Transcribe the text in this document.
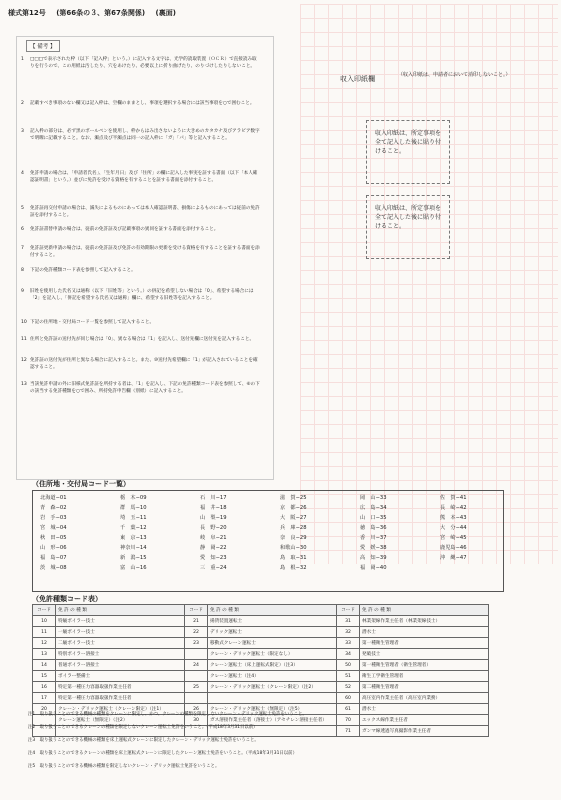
様式第12号 (第66条の３、第67条関係) (裏面)
【 備考 】
1 □□□で表示された枠（以下「記入枠」という。）に記入する文字は、光学的読取装置（ＯＣＲ）で直接読み取りを行うので、この用紙は汚したり、穴をあけたり、必要以上に折り曲げたり、のりづけしたりしないこと。
2 記載すべき事項のない欄又は記入枠は、空欄のままとし、事項を選択する場合には該当事項を○で囲むこと。
3 記入枠の部分は、必ず黒のボールペンを使用し、枠からはみ出さないように大きめのカタカナ及びアラビア数字で明瞭に記載すること。なお、濁点及び半濁点は同一の記入枠に「ガ」「パ」等と記入すること。
4 免許申請の場合は、「申請者氏名」、「生年月日」及び「住所」の欄に記入した事実を証する書面（以下「本人確認証明書」という。）並びに免許を受ける資格を有することを証する書面を添付すること。
5 免許証再交付申請の場合は、滅失によるものにあっては本人確認証明書、損傷によるものにあっては従前の免許証を添付すること。
6 免許証書替申請の場合は、従前の免許証及び記載事項の異同を証する書面を添付すること。
7 免許証更新申請の場合は、従前の免許証及び免許の有効期限の更新を受ける資格を有することを証する書面を添付すること。
8 下記の免許種類コード表を参照して記入すること。
9 旧姓を使用した氏名又は通称（以下「旧姓等」という。）の併記を希望しない場合は「0」、希望する場合には「2」を記入し、「併記を希望する氏名又は通称」欄に、希望する旧姓等を記入すること。
10 下記の住所地・交付局コード一覧を参照して記入すること。
11 住所と免許証の送付先が同じ場合は「0」、異なる場合は「1」を記入し、送付先欄に送付先を記入すること。
12 免許証の送付先が住所と異なる場合に記入すること。また、⑩送付先希望欄に「1」が記入されていることを確認すること。
13 当該免許申請の外に旧様式免許証を所持する者は、「1」を記入し、下記の免許種類コード表を参照して、⑥の下の該当する免許種類を○で囲み、所持免許申告欄（別紙）に記入すること。
収入印紙欄	（収入印紙は、申請者において消印しないこと。）
収入印紙は、所定事項を全て記入した後に貼り付けること。
収入印紙は、所定事項を全て記入した後に貼り付けること。
（住所地・交付局コード一覧）
北海道−01	栃　木−09	石　川−17	滋　賀−25	岡　山−33	佐　賀−41
青　森−02	群　馬−10	福　井−18	京　都−26	広　島−34	長　崎−42
岩　手−03	埼　玉−11	山　梨−19	大　阪−27	山　口−35	熊　本−43
宮　城−04	千　葉−12	長　野−20	兵　庫−28	徳　島−36	大　分−44
秋　田−05	東　京−13	岐　阜−21	奈　良−29	香　川−37	宮　崎−45
山　形−06	神奈川−14	静　岡−22	和歌山−30	愛　媛−38	鹿児島−46
福　島−07	新　潟−15	愛　知−23	鳥　取−31	高　知−39	沖　縄−47
茨　城−08	富　山−16	三　重−24	島　根−32	福　岡−40	
（免許種類コード表）
コード	免 許 の 種 類	コード	免 許 の 種 類	コード	免 許 の 種 類
10	特級ボイラー技士	21	揚貨装置運転士	31	林業架線作業主任者（林業架線技士）
11	一級ボイラー技士	22	デリック運転士	32	潜水士
12	二級ボイラー技士	23	移動式クレーン運転士	33	第一種衛生管理者
13	特別ボイラー溶接士		クレーン・デリック運転士（限定なし）	34	発破技士
14	普通ボイラー溶接士	24	クレーン運転士（床上運転式限定）（注3）	50	第一種衛生管理者（衛生管理者）
15	ボイラー整備士		クレーン運転士（注4）	51	衛生工学衛生管理者
16	特定第一種圧力容器取扱作業主任者	25	クレーン・デリック運転士（クレーン限定）（注2）	52	第二種衛生管理者
17	特定第一種圧力容器取扱作業主任者			60	高圧室内作業主任者（高圧室内業務）
20	クレーン・デリック運転士（クレーン限定）（注1）	26	クレーン・デリック運転士（無限定）（注5）	61	潜水士
	クレーン運転士（無限定）（注2）	30	ガス溶接作業主任者（溶接士）（アセチレン溶接主任者）	70	エックス線作業主任者
				71	ガンマ線透過写真撮影作業主任者
注1　取り扱うことのできる機械の種類をクレーンに限定し、かつ、クレーンの種類を限定しないクレーン・デリック運転士免許をいうこと。
注2　取り扱うことのできるクレーンの種類を限定しないクレーン運転士免許をいうこと。（平成18年3月31日以前）
注3　取り扱うことのできる機械の種類を床上運転式クレーンに限定したクレーン・デリック運転士免許をいうこと。
注4　取り扱うことのできるクレーンの種類を床上運転式クレーンに限定したクレーン運転士免許をいうこと。（平成18年3月31日以前）
注5　取り扱うことのできる機械の種類を限定しないクレーン・デリック運転士免許をいうこと。
